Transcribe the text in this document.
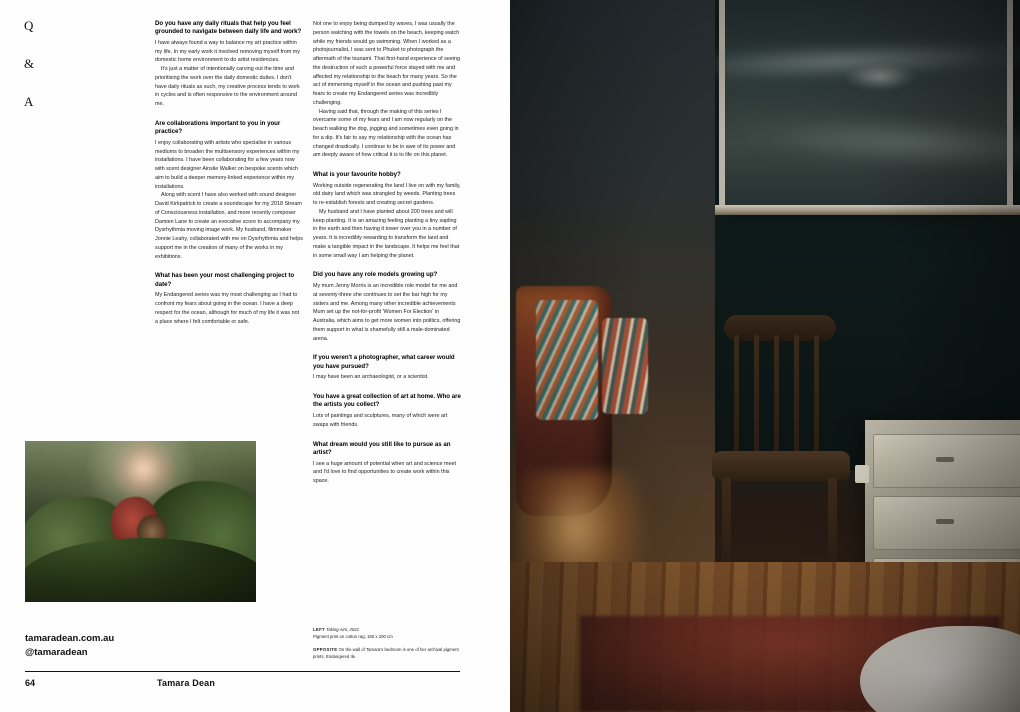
Q
&
A
Do you have any daily rituals that help you feel grounded to navigate between daily life and work?

I have always found a way to balance my art practice within my life. In my early work it involved removing myself from my domestic home environment to do artist residencies.

It's just a matter of intentionally carving out the time and prioritising the work over the daily domestic duties. I don't have daily rituals as such, my creative process tends to work in cycles and is often responsive to the environment around me.

Are collaborations important to you in your practice?

I enjoy collaborating with artists who specialise in various mediums to broaden the multisensory experiences within my installations. I have been collaborating for a few years now with scent designer Ainslie Walker on bespoke scents which aim to build a deeper memory-linked experience within my installations.

Along with scent I have also worked with sound designer David Kirkpatrick to create a soundscape for my 2018 Stream of Consciousness installation, and more recently composer Damien Lane to create an evocative score to accompany my Dysrhythmia moving image work. My husband, filmmaker Jonnie Leahy, collaborated with me on Dysrhythmia and helps support me in the creation of many of the works in my exhibitions.

What has been your most challenging project to date?

My Endangered series was my most challenging as I had to confront my fears about going in the ocean. I have a deep respect for the ocean, although for much of my life it was not a place where I felt comfortable or safe.

Not one to enjoy being dumped by waves, I was usually the person watching with the towels on the beach, keeping watch while my friends would go swimming. When I worked as a photojournalist, I was sent to Phuket to photograph the aftermath of the tsunami. That first-hand experience of seeing the destruction of such a powerful force stayed with me and affected my relationship to the beach for many years. So the act of immersing myself in the ocean and pushing past my fears to create my Endangered series was incredibly challenging.

Having said that, through the making of this series I overcame some of my fears and I am now regularly on the beach walking the dog, jogging and sometimes even going in for a dip. It's fair to say my relationship with the ocean has changed drastically. I continue to be in awe of its power and am deeply aware of how critical it is to life on this planet.

What is your favourite hobby?

Working outside regenerating the land I live on with my family, old dairy land which was strangled by weeds. Planting trees to re-establish forests and creating secret gardens.

My husband and I have planted about 200 trees and will keep planting. It is an amazing feeling planting a tiny sapling in the earth and then having it tower over you in a number of years. It is incredibly rewarding to transform the land and make a tangible impact in the landscape. It helps me feel that in some small way I am helping the planet.

Did you have any role models growing up?

My mum Jenny Morris is an incredible role model for me and at seventy-three she continues to set the bar high for my sisters and me. Among many other incredible achievements Mum set up the not-for-profit 'Women For Election' in Australia, which aims to get more women into politics, offering them support in what is shamefully still a male-dominated arena.

If you weren't a photographer, what career would you have pursued?

I may have been an archaeologist, or a scientist.

You have a great collection of art at home. Who are the artists you collect?

Lots of paintings and sculptures, many of which were art swaps with friends.

What dream would you still like to pursue as an artist?

I see a huge amount of potential when art and science meet and I'd love to find opportunities to create work within this space.

tamaradean.com.au
@tamaradean
LEFT Taking Aim, 2021
Pigment print on cotton rag, 150 x 200 cm
OPPOSITE On the wall of Tamara's bedroom is one of her archival pigment prints, Endangered Ile.
64	Tamara Dean
